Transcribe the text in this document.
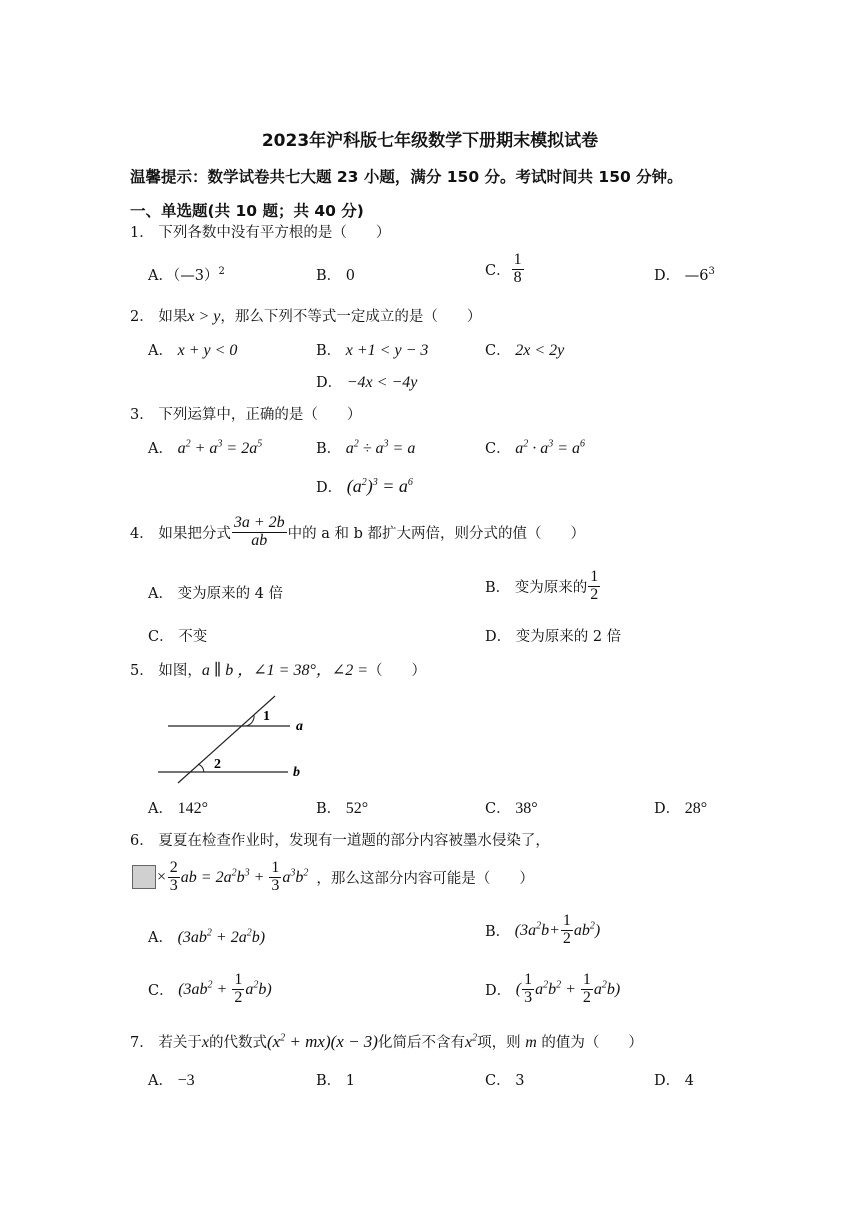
2023年沪科版七年级数学下册期末模拟试卷
温馨提示：数学试卷共七大题 23 小题，满分 150 分。考试时间共 150 分钟。
一、单选题(共 10 题；共 40 分)
1． 下列各数中没有平方根的是（　　）
A．（—3）$^2$	B． 0	C． $\frac{1}{8}$	D． $—6^3$
2． 如果x > y，那么下列不等式一定成立的是（　　）
A． x + y < 0	B． x +1 < y − 3	C． 2x < 2y
D． −4x < −4y
3． 下列运算中，正确的是（　　）
A． $a^2 + a^3 = 2a^5$	B． $a^2 \div a^3 = a$	C． $a^2 \cdot a^3 = a^6$
D． $(a^2)^3 = a^6$
4． 如果把分式 $\frac{3a + 2b}{ab}$ 中的 a 和 b 都扩大两倍，则分式的值（　　）
A． 变为原来的 4 倍	B． 变为原来的 $\frac{1}{2}$
C． 不变	D． 变为原来的 2 倍
5． 如图，a ∥ b ，∠1 = 38°，∠2 =（　　）
1
2
a
b
A． 142°	B． 52°	C． 38°	D． 28°
6． 夏夏在检查作业时，发现有一道题的部分内容被墨水侵染了，
× $\frac{2}{3}$ ab = $2a^2b^3 + \frac{1}{3} a^3b^2$ ，那么这部分内容可能是（　　）
A． $(3ab^2 + 2a^2b)$	B． $(3a^2b+ \frac{1}{2} ab^2)$
C． $(3ab^2 + \frac{1}{2} a^2b)$	D． ( $\frac{1}{3} a^2b^2 + \frac{1}{2} a^2b$)
7． 若关于x的代数式$(x^2 + mx)(x - 3)$化简后不含有$x^2$项，则 m 的值为（　　）
A． −3	B． 1	C． 3	D． 4
